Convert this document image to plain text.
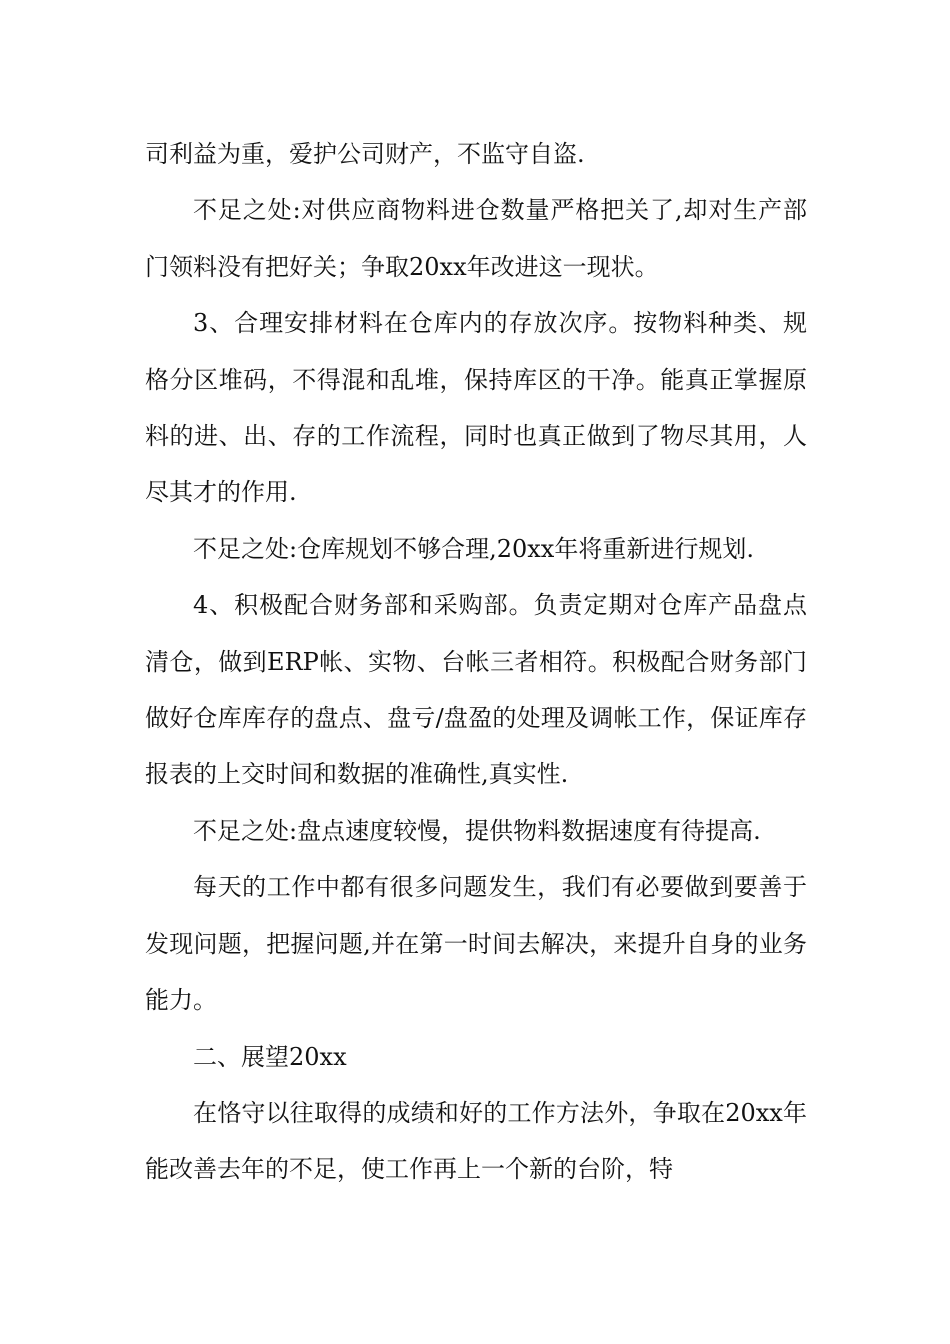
司利益为重，爱护公司财产，不监守自盗.

不足之处:对供应商物料进仓数量严格把关了,却对生产部门领料没有把好关；争取20xx年改进这一现状。

3、合理安排材料在仓库内的存放次序。按物料种类、规格分区堆码，不得混和乱堆，保持库区的干净。能真正掌握原料的进、出、存的工作流程，同时也真正做到了物尽其用，人尽其才的作用.

不足之处:仓库规划不够合理,20xx年将重新进行规划.

4、积极配合财务部和采购部。负责定期对仓库产品盘点清仓，做到ERP帐、实物、台帐三者相符。积极配合财务部门做好仓库库存的盘点、盘亏/盘盈的处理及调帐工作，保证库存报表的上交时间和数据的准确性,真实性.

不足之处:盘点速度较慢，提供物料数据速度有待提高.

每天的工作中都有很多问题发生，我们有必要做到要善于发现问题，把握问题,并在第一时间去解决，来提升自身的业务能力。

二、展望20xx

在恪守以往取得的成绩和好的工作方法外，争取在20xx年能改善去年的不足，使工作再上一个新的台阶，特
